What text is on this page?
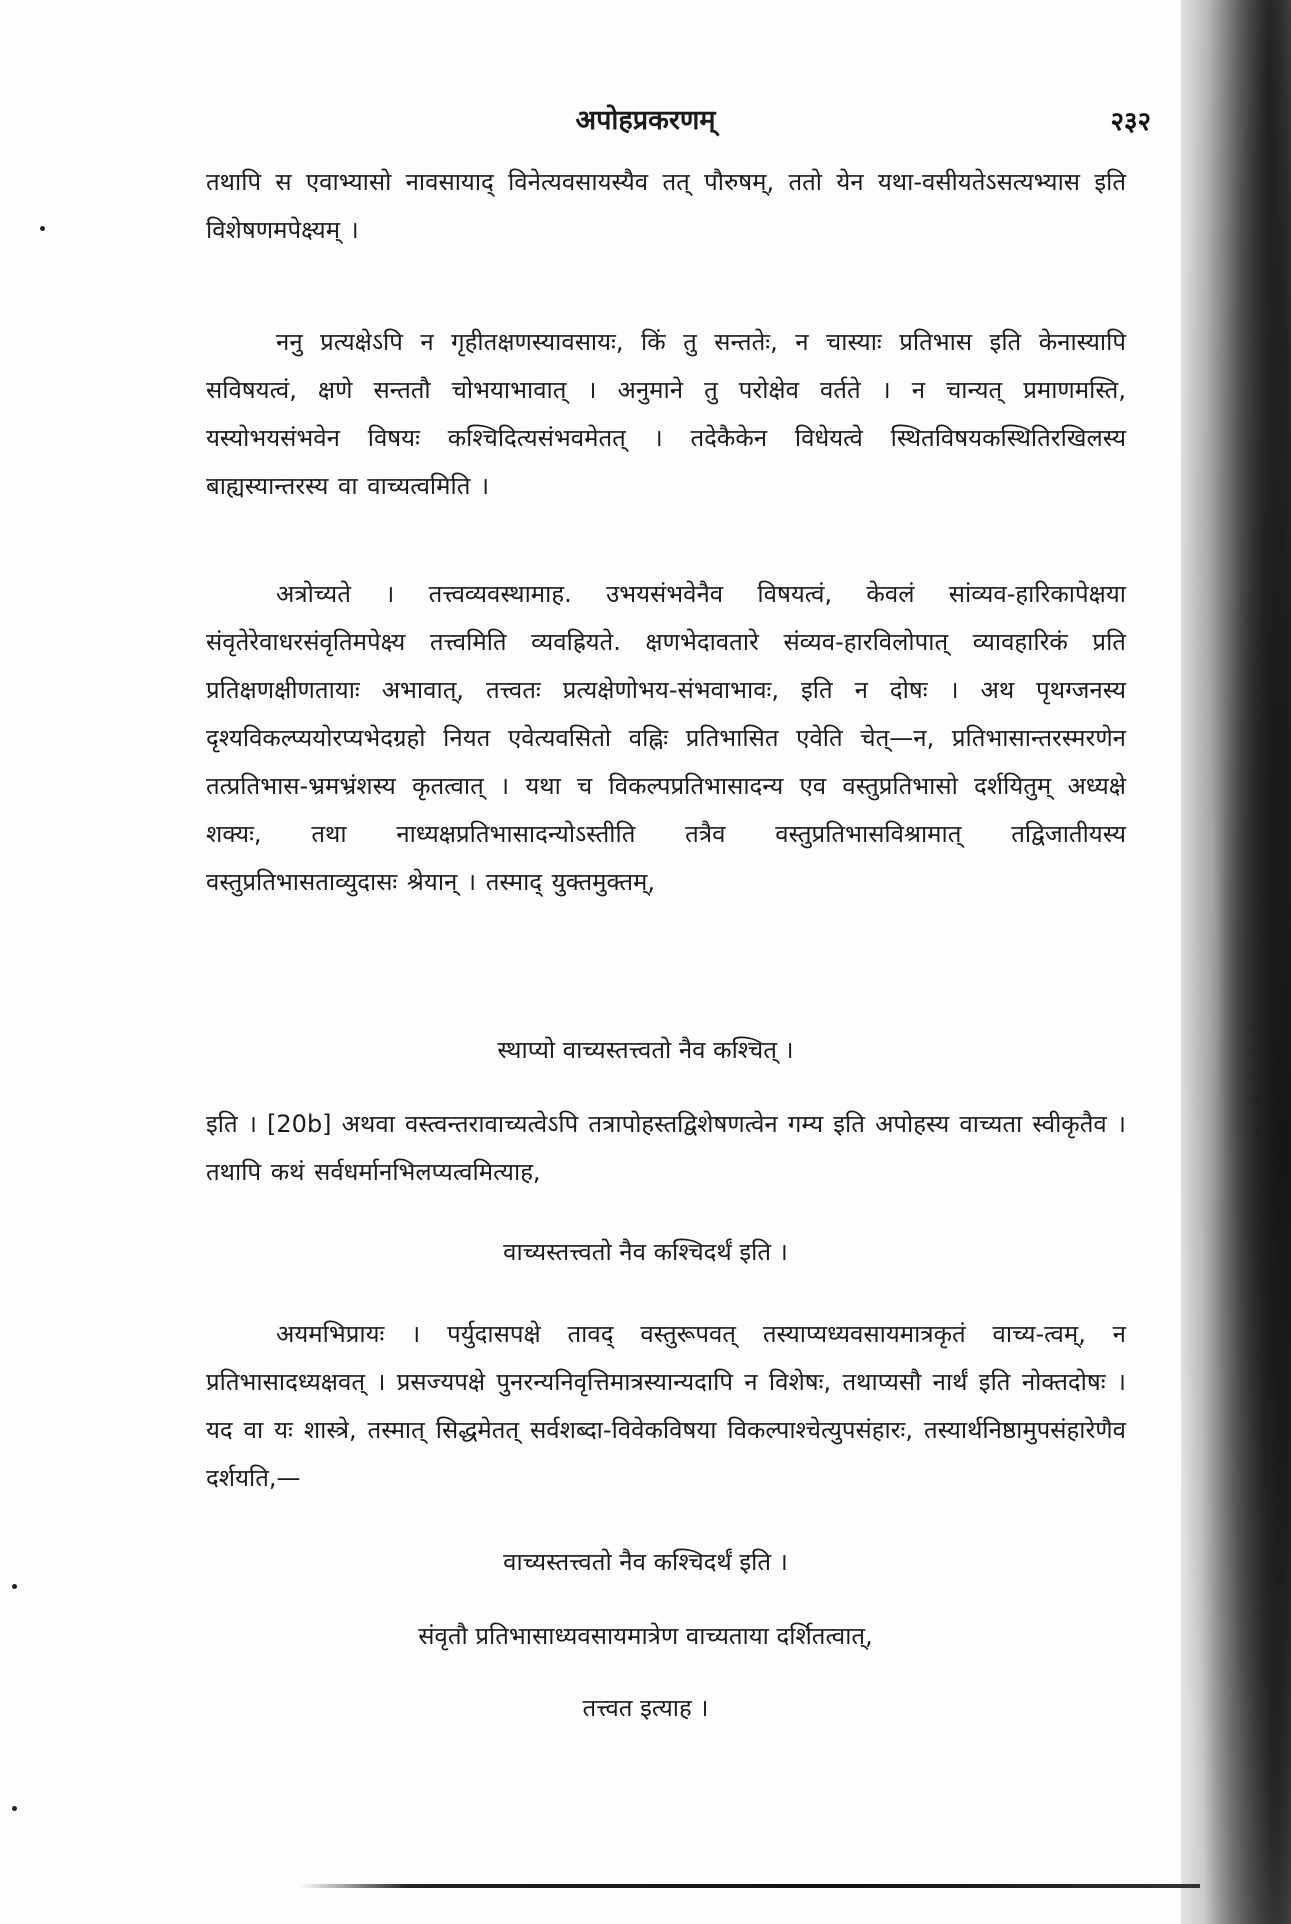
अपोहप्रकरणम्	२३२
तथापि स एवाभ्यासो नावसायाद् विनेत्यवसायस्यैव तत् पौरुषम्, ततो येन यथा-वसीयतेऽसत्यभ्यास इति विशेषणमपेक्ष्यम् ।
ननु प्रत्यक्षेऽपि न गृहीतक्षणस्यावसायः, किं तु सन्ततेः, न चास्याः प्रतिभास इति केनास्यापि सविषयत्वं, क्षणे सन्ततौ चोभयाभावात् । अनुमाने तु परोक्षेव वर्तते । न चान्यत् प्रमाणमस्ति, यस्योभयसंभवेन विषयः कश्चिदित्यसंभवमेतत् । तदेकैकेन विधेयत्वे स्थितविषयकस्थितिरखिलस्य बाह्यस्यान्तरस्य वा वाच्यत्वमिति ।
अत्रोच्यते । तत्त्वव्यवस्थामाह. उभयसंभवेनैव विषयत्वं, केवलं सांव्यव-हारिकापेक्षया संवृतेरेवाधरसंवृतिमपेक्ष्य तत्त्वमिति व्यवह्रियते. क्षणभेदावतारे संव्यव-हारविलोपात् व्यावहारिकं प्रति प्रतिक्षणक्षीणतायाः अभावात्, तत्त्वतः प्रत्यक्षेणोभय-संभवाभावः, इति न दोषः । अथ पृथग्जनस्य दृश्यविकल्प्ययोरप्यभेदग्रहो नियत एवेत्यवसितो वह्निः प्रतिभासित एवेति चेत्—न, प्रतिभासान्तरस्मरणेन तत्प्रतिभास-भ्रमभ्रंशस्य कृतत्वात् । यथा च विकल्पप्रतिभासादन्य एव वस्तुप्रतिभासो दर्शयितुम् अध्यक्षे शक्यः, तथा नाध्यक्षप्रतिभासादन्योऽस्तीति तत्रैव वस्तुप्रतिभासविश्रामात् तद्विजातीयस्य वस्तुप्रतिभासताव्युदासः श्रेयान् । तस्माद् युक्तमुक्तम्,
स्थाप्यो वाच्यस्तत्त्वतो नैव कश्चित् ।
इति । [20b] अथवा वस्त्वन्तरावाच्यत्वेऽपि तत्रापोहस्तद्विशेषणत्वेन गम्य इति अपोहस्य वाच्यता स्वीकृतैव । तथापि कथं सर्वधर्मानभिलप्यत्वमित्याह,
वाच्यस्तत्त्वतो नैव कश्चिदर्थं इति ।
अयमभिप्रायः । पर्युदासपक्षे तावद् वस्तुरूपवत् तस्याप्यध्यवसायमात्रकृतं वाच्य-त्वम्, न प्रतिभासादध्यक्षवत् । प्रसज्यपक्षे पुनरन्यनिवृत्तिमात्रस्यान्यदापि न विशेषः, तथाप्यसौ नार्थं इति नोक्तदोषः । यद वा यः शास्त्रे, तस्मात् सिद्धमेतत् सर्वशब्दा-विवेकविषया विकल्पाश्चेत्युपसंहारः, तस्यार्थनिष्ठामुपसंहारेणैव दर्शयति,—
वाच्यस्तत्त्वतो नैव कश्चिदर्थं इति ।
संवृतौ प्रतिभासाध्यवसायमात्रेण वाच्यताया दर्शितत्वात्,
तत्त्वत इत्याह ।
